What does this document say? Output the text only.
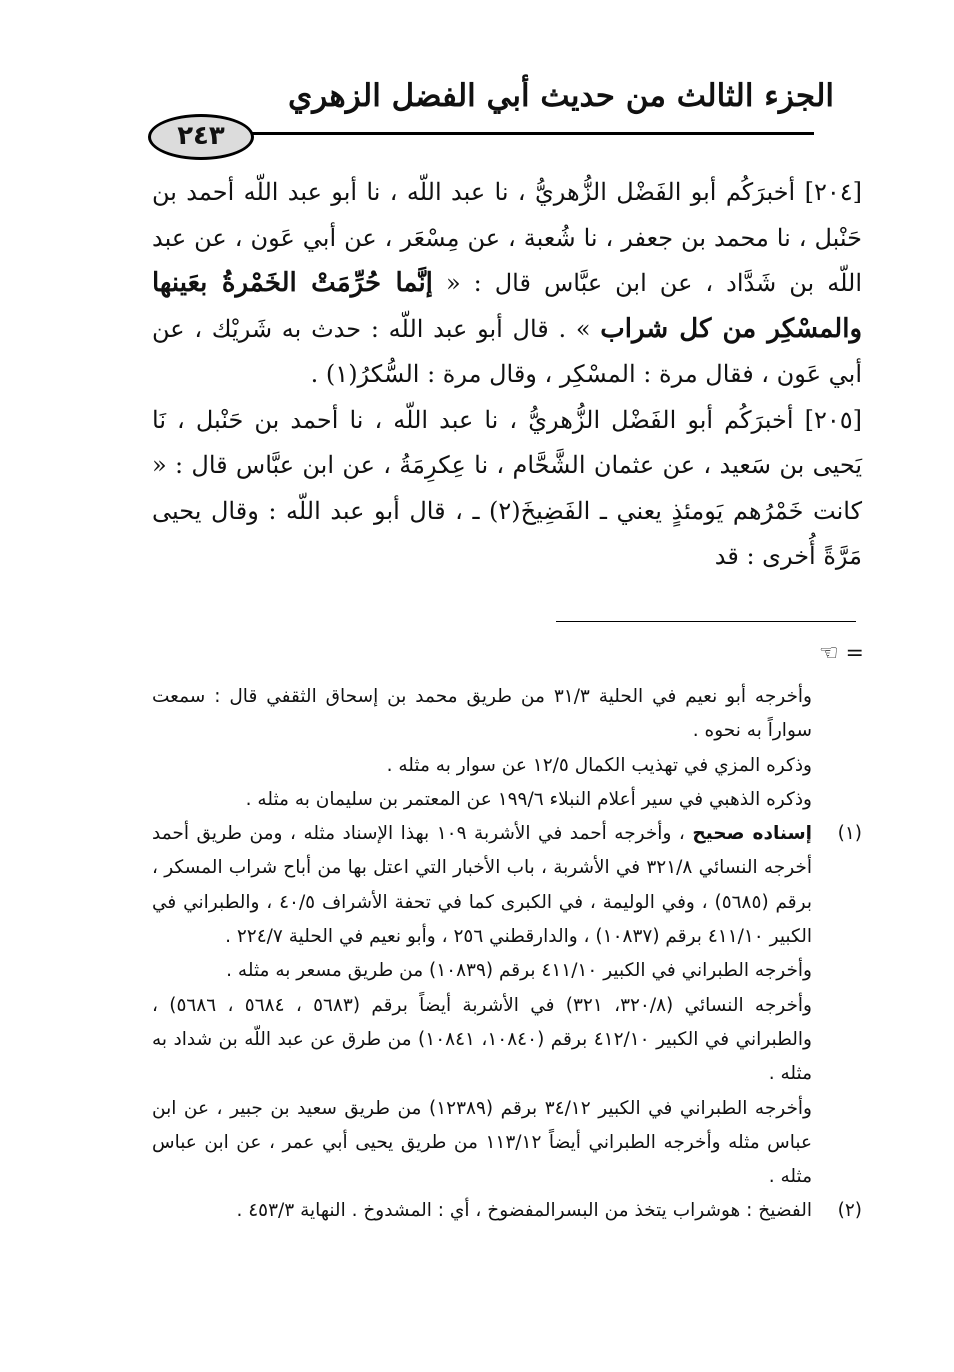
الجزء الثالث من حديث أبي الفضل الزهري
٢٤٣

[٢٠٤] أخبرَكُم أبو الفَضْل الزُّهريُّ ، نا عبد اللّه ، نا أبو عبد اللّه أحمد بن حَنْبل ، نا محمد بن جعفر ، نا شُعبة ، عن مِسْعَر ، عن أبي عَون ، عن عبد اللّه بن شَدَّاد ، عن ابن عبَّاس قال : « إنَّما حُرِّمَتْ الخَمْرةُ بعَينها والمسْكِر من كل شراب » . قال أبو عبد اللّه : حدث به شَريْك ، عن أبي عَون ، فقال مرة : المسْكِر ، وقال مرة : السُّكرُ(١) .

[٢٠٥] أخبرَكُم أبو الفَضْل الزُّهريُّ ، نا عبد اللّه ، نا أحمد بن حَنْبل ، نَا يَحيى بن سَعيد ، عن عثمان الشَّحَّام ، نا عِكرِمَةُ ، عن ابن عبَّاس قال : « كانت خَمْرُهم يَومئذٍ يعني ـ الفَضِيخَ(٢) ـ ، قال أبو عبد اللّه : وقال يحيى مَرَّةً أُخرى : قد

= ☜

وأخرجه أبو نعيم في الحلية ٣١/٣ من طريق محمد بن إسحاق الثقفي قال : سمعت سواراً به نحوه .

وذكره المزي في تهذيب الكمال ١٢/٥ عن سوار به مثله .

وذكره الذهبي في سير أعلام النبلاء ١٩٩/٦ عن المعتمر بن سليمان به مثله .

(١)

إسناده صحيح ، وأخرجه أحمد في الأشربة ١٠٩ بهذا الإسناد مثله ، ومن طريق أحمد أخرجه النسائي ٣٢١/٨ في الأشربة ، باب الأخبار التي اعتل بها من أباح شراب المسكر ، برقم (٥٦٨٥) ، وفي الوليمة ، في الكبرى كما في تحفة الأشراف ٤٠/٥ ، والطبراني في الكبير ٤١١/١٠ برقم (١٠٨٣٧) ، والدارقطني ٢٥٦ ، وأبو نعيم في الحلية ٢٢٤/٧ .

وأخرجه الطبراني في الكبير ٤١١/١٠ برقم (١٠٨٣٩) من طريق مسعر به مثله .

وأخرجه النسائي (٣٢٠/٨، ٣٢١) في الأشربة أيضاً برقم (٥٦٨٣ ، ٥٦٨٤ ، ٥٦٨٦) ، والطبراني في الكبير ٤١٢/١٠ برقم (١٠٨٤٠، ١٠٨٤١) من طرق عن عبد اللّه بن شداد به مثله .

وأخرجه الطبراني في الكبير ٣٤/١٢ برقم (١٢٣٨٩) من طريق سعيد بن جبير ، عن ابن عباس مثله وأخرجه الطبراني أيضاً ١١٣/١٢ من طريق يحيى أبي عمر ، عن ابن عباس مثله .

(٢)

الفضيخ : هوشراب يتخذ من البسرالمفضوخ ، أي : المشدوخ . النهاية ٤٥٣/٣ .
